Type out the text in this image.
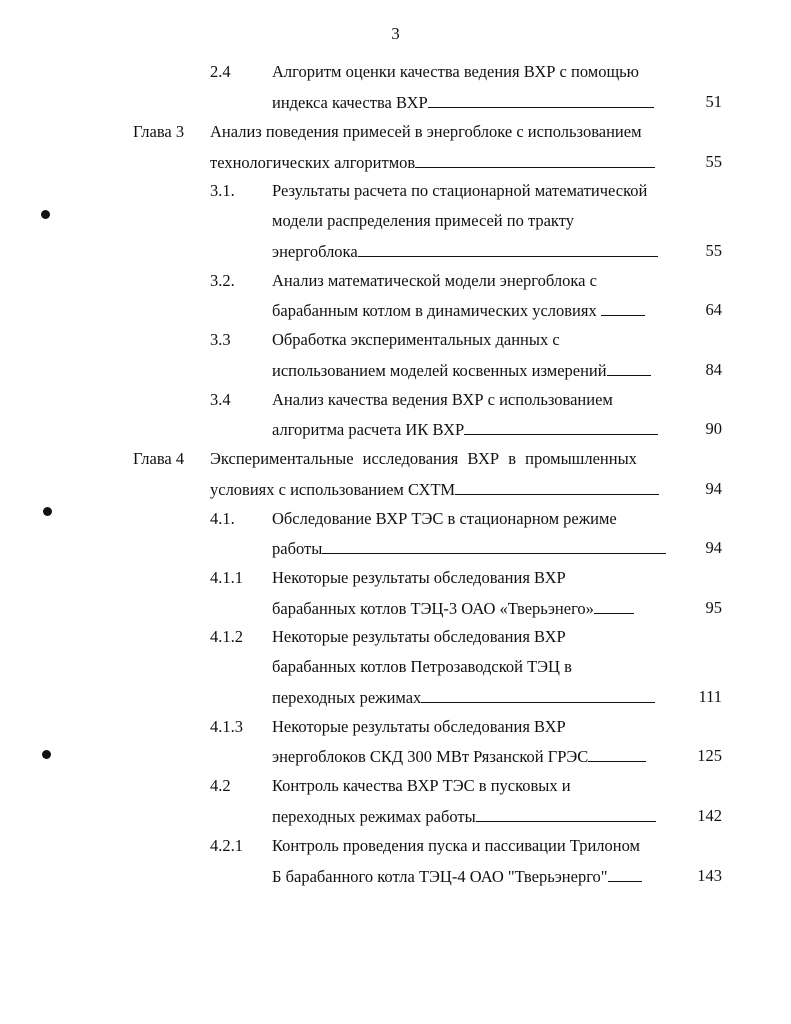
3
2.4	Алгоритм оценки качества ведения ВХР с помощью
индекса качества ВХР	51
Глава 3 Анализ поведения примесей в энергоблоке с использованием
технологических алгоритмов	55
3.1. Результаты расчета по стационарной математической
модели распределения примесей по тракту
энергоблока	55
3.2. Анализ математической модели энергоблока с
барабанным котлом в динамических условиях	64
3.3	Обработка экспериментальных данных с
использованием моделей косвенных измерений	84
3.4	Анализ качества ведения ВХР с использованием
алгоритма расчета ИК ВХР	90
Глава 4 Экспериментальные исследования ВХР в промышленных
условиях с использованием СХТМ	94
4.1. Обследование ВХР ТЭС в стационарном режиме
работы	94
4.1.1 Некоторые результаты обследования ВХР
барабанных котлов ТЭЦ-3 ОАО «Тверьэнего»	95
4.1.2 Некоторые результаты обследования ВХР
барабанных котлов Петрозаводской ТЭЦ в
переходных режимах	111
4.1.3 Некоторые результаты обследования ВХР
энергоблоков СКД 300 МВт Рязанской ГРЭС	125
4.2	Контроль качества ВХР ТЭС в пусковых и
переходных режимах работы	142
4.2.1 Контроль проведения пуска и пассивации Трилоном
Б барабанного котла ТЭЦ-4 ОАО "Тверьэнерго"	143
